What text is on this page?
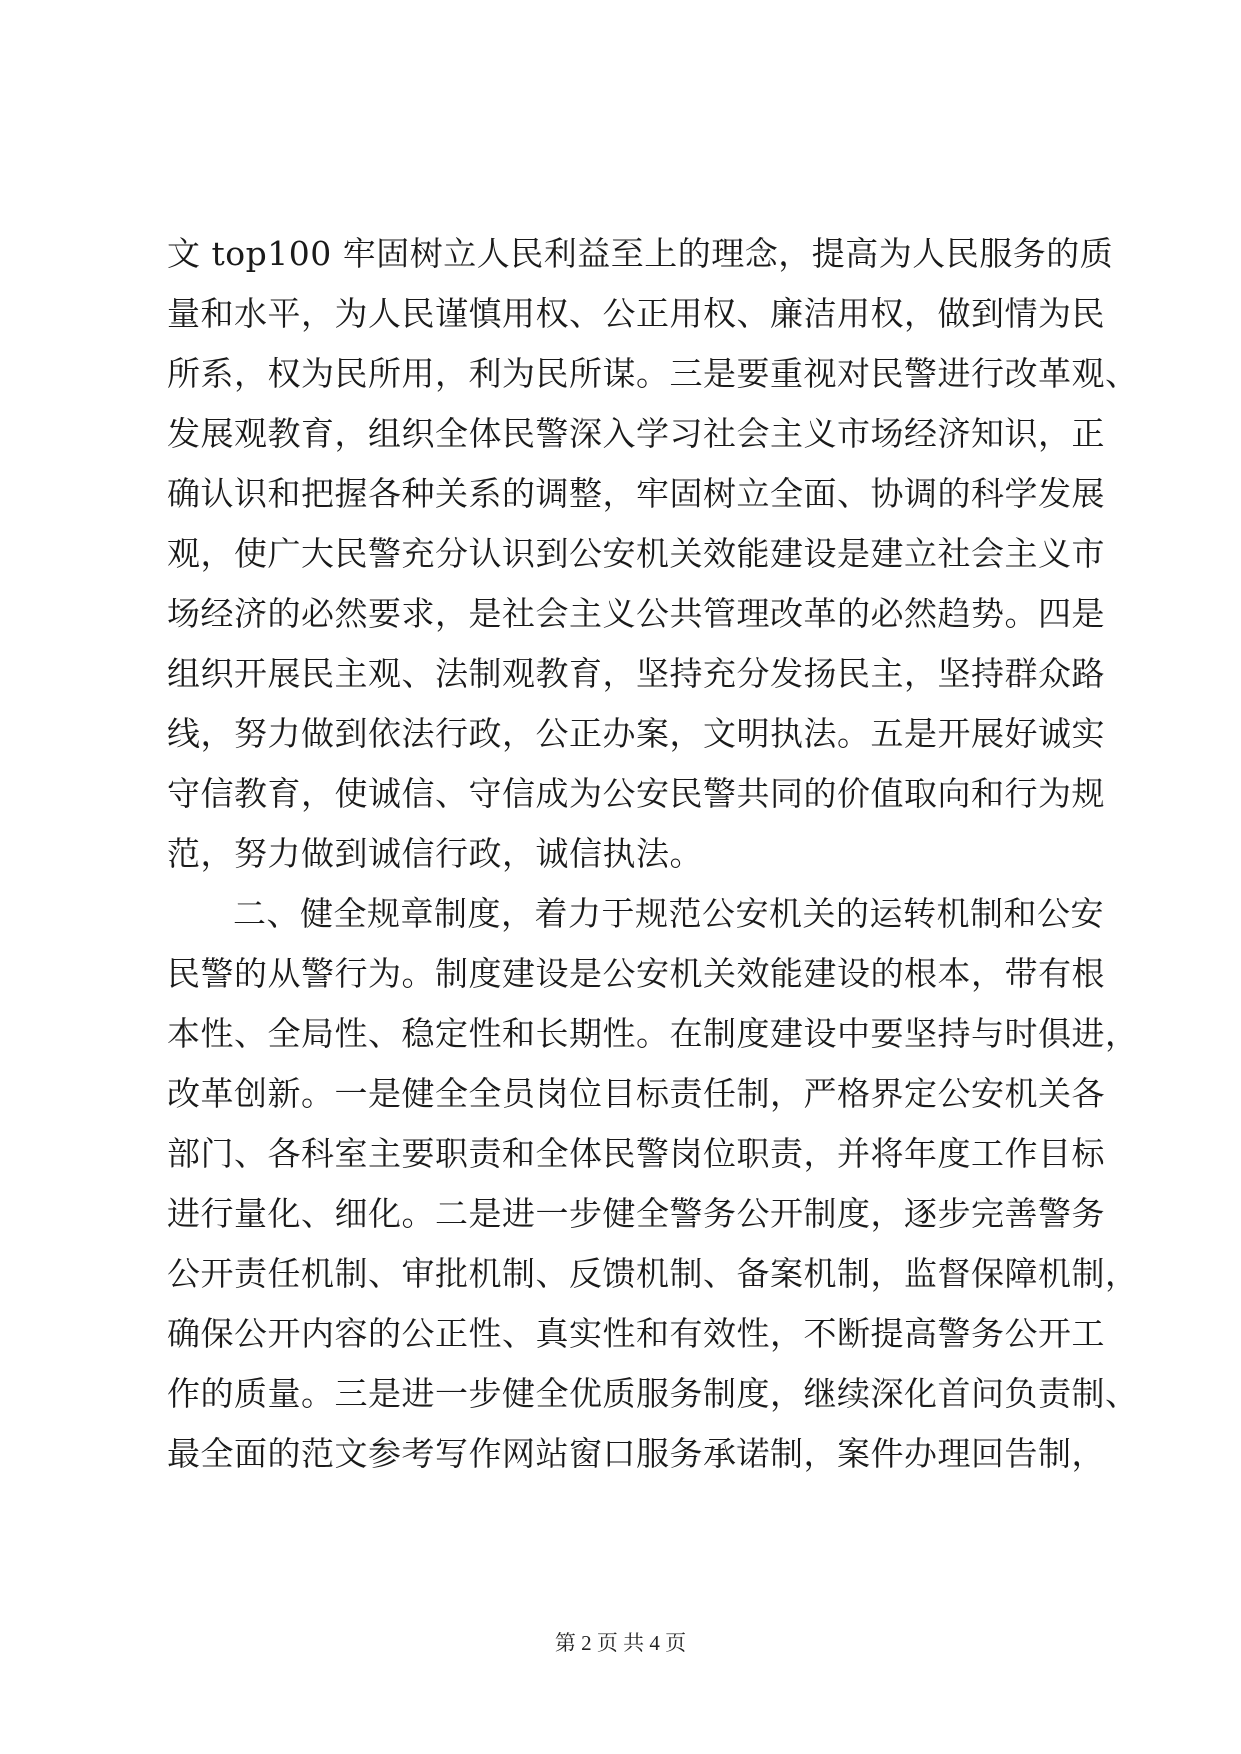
文 top100 牢固树立人民利益至上的理念，提高为人民服务的质
量和水平，为人民谨慎用权、公正用权、廉洁用权，做到情为民
所系，权为民所用，利为民所谋。三是要重视对民警进行改革观、
发展观教育，组织全体民警深入学习社会主义市场经济知识，正
确认识和把握各种关系的调整，牢固树立全面、协调的科学发展
观，使广大民警充分认识到公安机关效能建设是建立社会主义市
场经济的必然要求，是社会主义公共管理改革的必然趋势。四是
组织开展民主观、法制观教育，坚持充分发扬民主，坚持群众路
线，努力做到依法行政，公正办案，文明执法。五是开展好诚实
守信教育，使诚信、守信成为公安民警共同的价值取向和行为规
范，努力做到诚信行政，诚信执法。
二、健全规章制度，着力于规范公安机关的运转机制和公安
民警的从警行为。制度建设是公安机关效能建设的根本，带有根
本性、全局性、稳定性和长期性。在制度建设中要坚持与时俱进，
改革创新。一是健全全员岗位目标责任制，严格界定公安机关各
部门、各科室主要职责和全体民警岗位职责，并将年度工作目标
进行量化、细化。二是进一步健全警务公开制度，逐步完善警务
公开责任机制、审批机制、反馈机制、备案机制，监督保障机制，
确保公开内容的公正性、真实性和有效性，不断提高警务公开工
作的质量。三是进一步健全优质服务制度，继续深化首问负责制、
最全面的范文参考写作网站窗口服务承诺制，案件办理回告制，
第 2 页 共 4 页
